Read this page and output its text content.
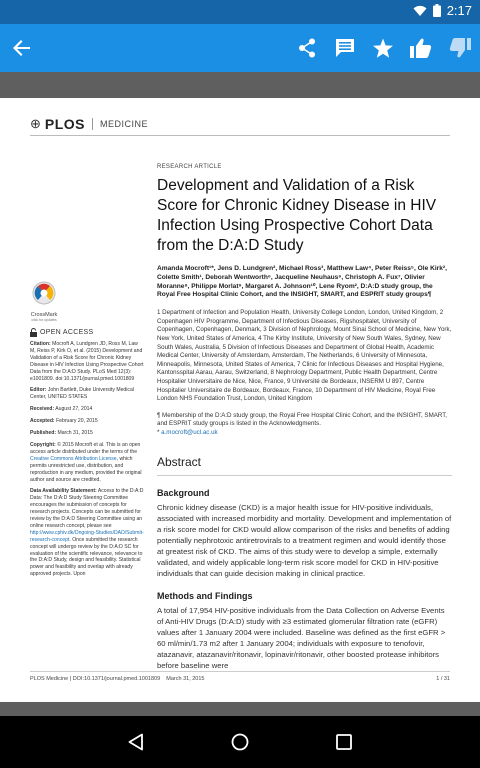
2:17
⊕ PLOS MEDICINE
CrossMark
click for updates
OPEN ACCESS

Citation: Mocroft A, Lundgren JD, Ross M, Law M, Reiss P, Kirk O, et al. (2015) Development and Validation of a Risk Score for Chronic Kidney Disease in HIV Infection Using Prospective Cohort Data from the D:A:D Study. PLoS Med 12(3): e1001809. doi:10.1371/journal.pmed.1001809

Editor: John Bartlett, Duke University Medical Center, UNITED STATES

Received: August 27, 2014

Accepted: February 20, 2015

Published: March 31, 2015

Copyright: © 2015 Mocroft et al. This is an open access article distributed under the terms of the Creative Commons Attribution License, which permits unrestricted use, distribution, and reproduction in any medium, provided the original author and source are credited.

Data Availability Statement: Access to the D:A:D Data: The D:A:D Study Steering Committee encourages the submission of concepts for research projects. Concepts can be submitted for review by the D:A:D Steering Committee using an online research concept, please see http://www.cphiv.dk/Ongoing-Studies/DAD/Submit-research-concept. Once submitted the research concept will undergo review by the D:A:D SC for evaluation of the scientific relevance, relevance to the D:A:D Study, design and feasibility. Statistical power and feasibility and overlap with already approved projects. Upon

RESEARCH ARTICLE
Development and Validation of a Risk Score for Chronic Kidney Disease in HIV Infection Using Prospective Cohort Data from the D:A:D Study
Amanda Mocroft¹*, Jens D. Lundgren², Michael Ross³, Matthew Law⁴, Peter Reiss⁵, Ole Kirk², Colette Smith¹, Deborah Wentworth⁶, Jacqueline Neuhaus⁶, Christoph A. Fux⁷, Olivier Moranne⁸, Philippe Morlat⁹, Margaret A. Johnson¹⁰, Lene Ryom², D:A:D study group, the Royal Free Hospital Clinic Cohort, and the INSIGHT, SMART, and ESPRIT study groups¶
1 Department of Infection and Population Health, University College London, London, United Kingdom, 2 Copenhagen HIV Programme, Department of Infectious Diseases, Rigshospitalet, University of Copenhagen, Copenhagen, Denmark, 3 Division of Nephrology, Mount Sinai School of Medicine, New York, New York, United States of America, 4 The Kirby Institute, University of New South Wales, Sydney, New South Wales, Australia, 5 Division of Infectious Diseases and Department of Global Health, Academic Medical Center, University of Amsterdam, Amsterdam, The Netherlands, 6 University of Minnesota, Minneapolis, Minnesota, United States of America, 7 Clinic for Infectious Diseases and Hospital Hygiene, Kantonsspital Aarau, Aarau, Switzerland, 8 Nephrology Department, Public Health Department, Centre Hospitalier Universitaire de Nice, Nice, France, 9 Université de Bordeaux, INSERM U 897, Centre Hospitalier Universitaire de Bordeaux, Bordeaux, France, 10 Department of HIV Medicine, Royal Free London NHS Foundation Trust, London, United Kingdom
¶ Membership of the D:A:D study group, the Royal Free Hospital Clinic Cohort, and the INSIGHT, SMART, and ESPRIT study groups is listed in the Acknowledgments.
* a.mocroft@ucl.ac.uk
Abstract
Background
Chronic kidney disease (CKD) is a major health issue for HIV-positive individuals, associated with increased morbidity and mortality. Development and implementation of a risk score model for CKD would allow comparison of the risks and benefits of adding potentially nephrotoxic antiretrovirals to a treatment regimen and would identify those at greatest risk of CKD. The aims of this study were to develop a simple, externally validated, and widely applicable long-term risk score model for CKD in HIV-positive individuals that can guide decision making in clinical practice.
Methods and Findings
A total of 17,954 HIV-positive individuals from the Data Collection on Adverse Events of Anti-HIV Drugs (D:A:D) study with ≥3 estimated glomerular filtration rate (eGFR) values after 1 January 2004 were included. Baseline was defined as the first eGFR > 60 ml/min/1.73 m2 after 1 January 2004; individuals with exposure to tenofovir, atazanavir, atazanavir/ritonavir, lopinavir/ritonavir, other boosted protease inhibitors before baseline were
PLOS Medicine | DOI:10.1371/journal.pmed.1001809    March 31, 2015	1 / 31
